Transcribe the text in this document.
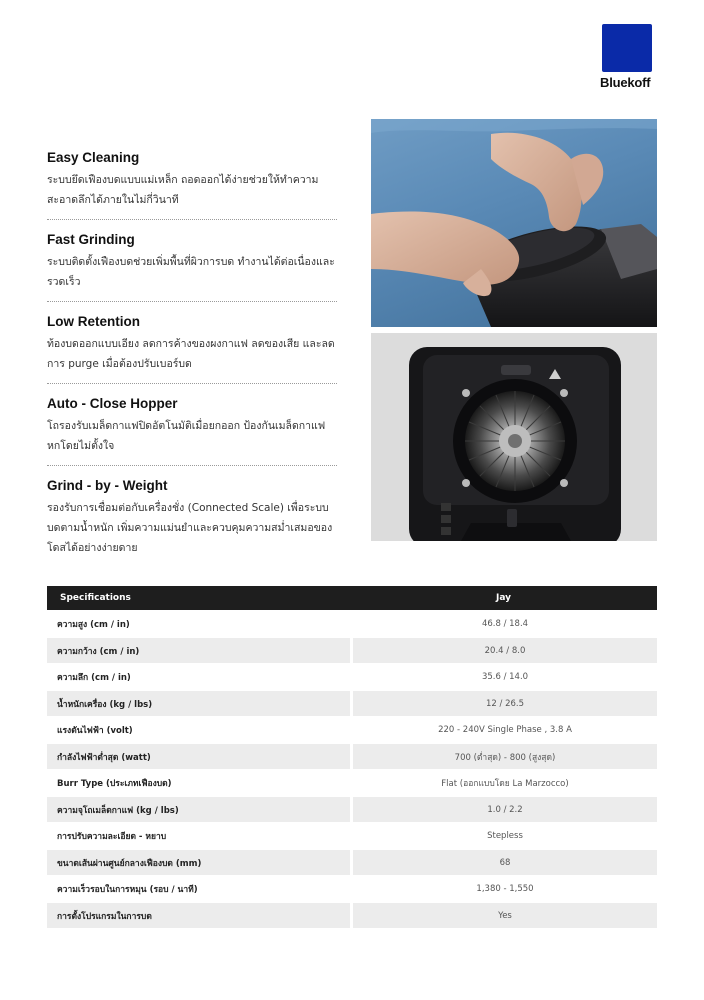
Bluekoff
Easy Cleaning

ระบบยึดเฟืองบดแบบแม่เหล็ก ถอดออกได้ง่ายช่วยให้ทำความสะอาดลึกได้ภายในไม่กี่วินาที

Fast Grinding

ระบบติดตั้งเฟืองบดช่วยเพิ่มพื้นที่ผิวการบด ทำงานได้ต่อเนื่องและรวดเร็ว

Low Retention

ท้องบดออกแบบเอียง ลดการค้างของผงกาแฟ ลดของเสีย และลดการ purge เมื่อต้องปรับเบอร์บด

Auto - Close Hopper

โถรองรับเมล็ดกาแฟปิดอัตโนมัติเมื่อยกออก ป้องกันเมล็ดกาแฟหกโดยไม่ตั้งใจ

Grind - by - Weight

รองรับการเชื่อมต่อกับเครื่องชั่ง (Connected Scale) เพื่อระบบบดตามน้ำหนัก เพิ่มความแม่นยำและควบคุมความสม่ำเสมอของโดสได้อย่างง่ายดาย

Specifications	Jay
ความสูง (cm / in)	46.8 / 18.4
ความกว้าง (cm / in)	20.4 / 8.0
ความลึก (cm / in)	35.6 / 14.0
น้ำหนักเครื่อง (kg / lbs)	12 / 26.5
แรงดันไฟฟ้า (volt)	220 - 240V Single Phase , 3.8 A
กำลังไฟฟ้าต่ำสุด (watt)	700 (ต่ำสุด) - 800 (สูงสุด)
Burr Type (ประเภทเฟืองบด)	Flat (ออกแบบโดย La Marzocco)
ความจุโถเมล็ดกาแฟ (kg / lbs)	1.0 / 2.2
การปรับความละเอียด - หยาบ	Stepless
ขนาดเส้นผ่านศูนย์กลางเฟืองบด (mm)	68
ความเร็วรอบในการหมุน (รอบ / นาที)	1,380 - 1,550
การตั้งโปรแกรมในการบด	Yes
